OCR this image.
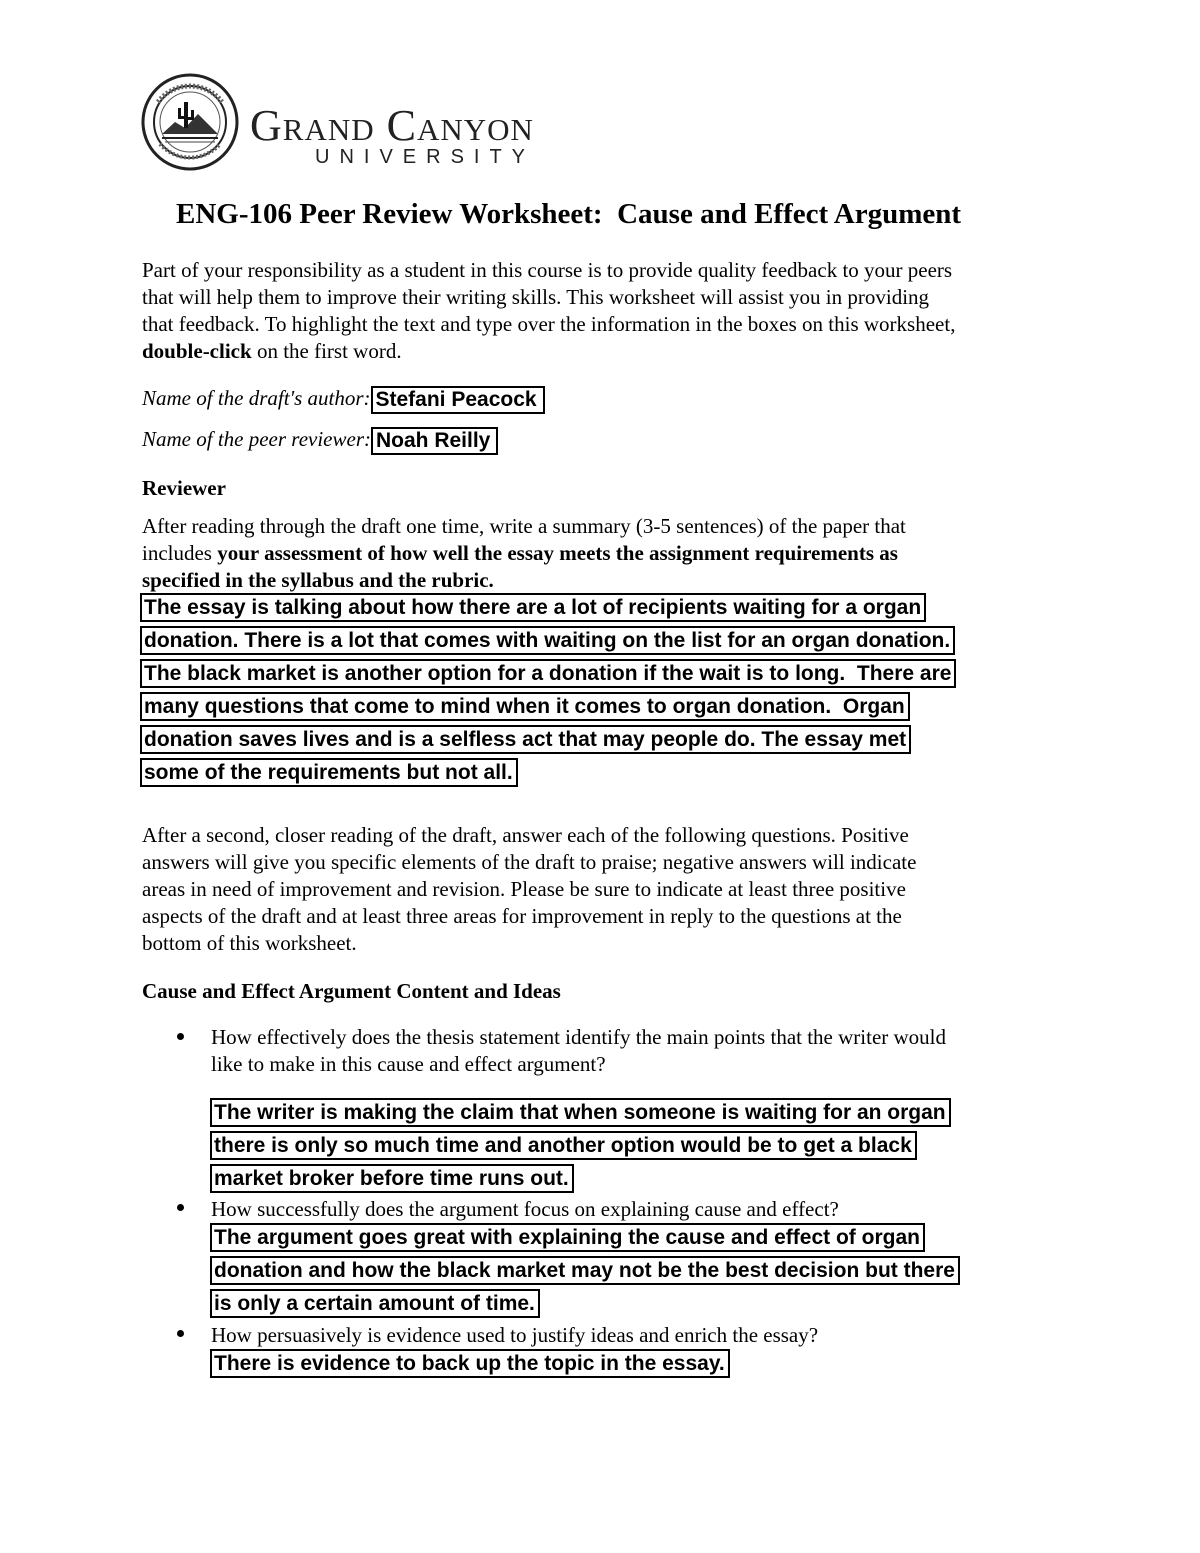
Grand Canyon
UNIVERSITY
ENG-106 Peer Review Worksheet:  Cause and Effect Argument
Part of your responsibility as a student in this course is to provide quality feedback to your peers
that will help them to improve their writing skills. This worksheet will assist you in providing
that feedback. To highlight the text and type over the information in the boxes on this worksheet,
double-click on the first word.
Name of the draft's author: Stefani Peacock
Name of the peer reviewer: Noah Reilly
Reviewer
After reading through the draft one time, write a summary (3-5 sentences) of the paper that
includes your assessment of how well the essay meets the assignment requirements as
specified in the syllabus and the rubric.
The essay is talking about how there are a lot of recipients waiting for a organ
donation. There is a lot that comes with waiting on the list for an organ donation.
The black market is another option for a donation if the wait is to long.  There are
many questions that come to mind when it comes to organ donation.  Organ
donation saves lives and is a selfless act that may people do. The essay met
some of the requirements but not all.
After a second, closer reading of the draft, answer each of the following questions. Positive
answers will give you specific elements of the draft to praise; negative answers will indicate
areas in need of improvement and revision. Please be sure to indicate at least three positive
aspects of the draft and at least three areas for improvement in reply to the questions at the
bottom of this worksheet.
Cause and Effect Argument Content and Ideas
How effectively does the thesis statement identify the main points that the writer would
like to make in this cause and effect argument?
The writer is making the claim that when someone is waiting for an organ
there is only so much time and another option would be to get a black
market broker before time runs out.
How successfully does the argument focus on explaining cause and effect?
The argument goes great with explaining the cause and effect of organ
donation and how the black market may not be the best decision but there
is only a certain amount of time.
How persuasively is evidence used to justify ideas and enrich the essay?
There is evidence to back up the topic in the essay.
